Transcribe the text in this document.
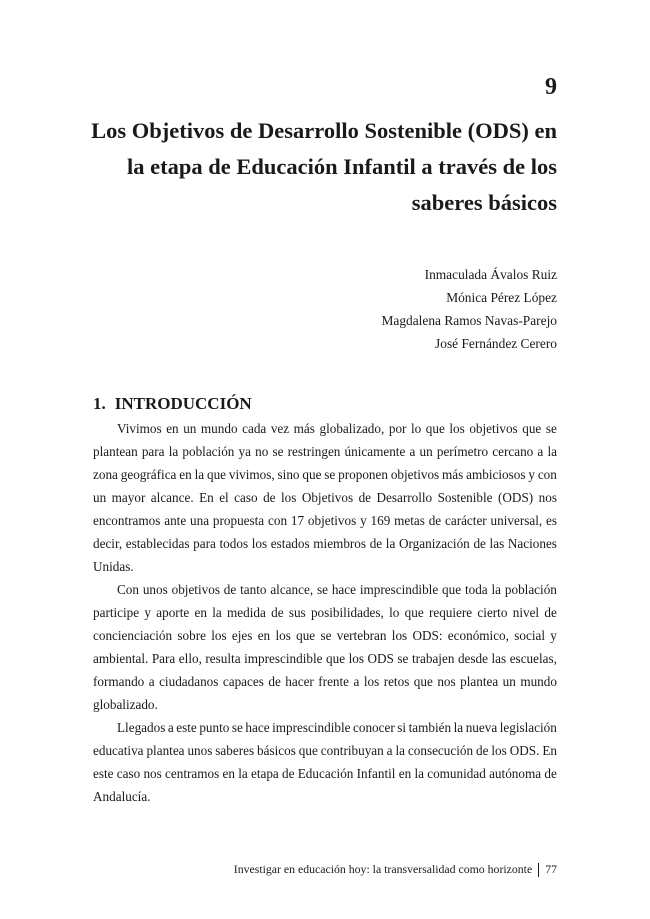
9
Los Objetivos de Desarrollo Sostenible (ODS) en
la etapa de Educación Infantil a través de los
saberes básicos
Inmaculada Ávalos Ruiz
Mónica Pérez López
Magdalena Ramos Navas-Parejo
José Fernández Cerero
1. INTRODUCCIÓN
Vivimos en un mundo cada vez más globalizado, por lo que los objetivos que se
plantean para la población ya no se restringen únicamente a un perímetro cercano a la
zona geográfica en la que vivimos, sino que se proponen objetivos más ambiciosos y con
un mayor alcance. En el caso de los Objetivos de Desarrollo Sostenible (ODS) nos
encontramos ante una propuesta con 17 objetivos y 169 metas de carácter universal, es
decir, establecidas para todos los estados miembros de la Organización de las Naciones
Unidas.
Con unos objetivos de tanto alcance, se hace imprescindible que toda la población
participe y aporte en la medida de sus posibilidades, lo que requiere cierto nivel de
concienciación sobre los ejes en los que se vertebran los ODS: económico, social y
ambiental. Para ello, resulta imprescindible que los ODS se trabajen desde las escuelas,
formando a ciudadanos capaces de hacer frente a los retos que nos plantea un mundo
globalizado.
Llegados a este punto se hace imprescindible conocer si también la nueva legislación
educativa plantea unos saberes básicos que contribuyan a la consecución de los ODS. En
este caso nos centramos en la etapa de Educación Infantil en la comunidad autónoma de
Andalucía.
Investigar en educación hoy: la transversalidad como horizonte 77
